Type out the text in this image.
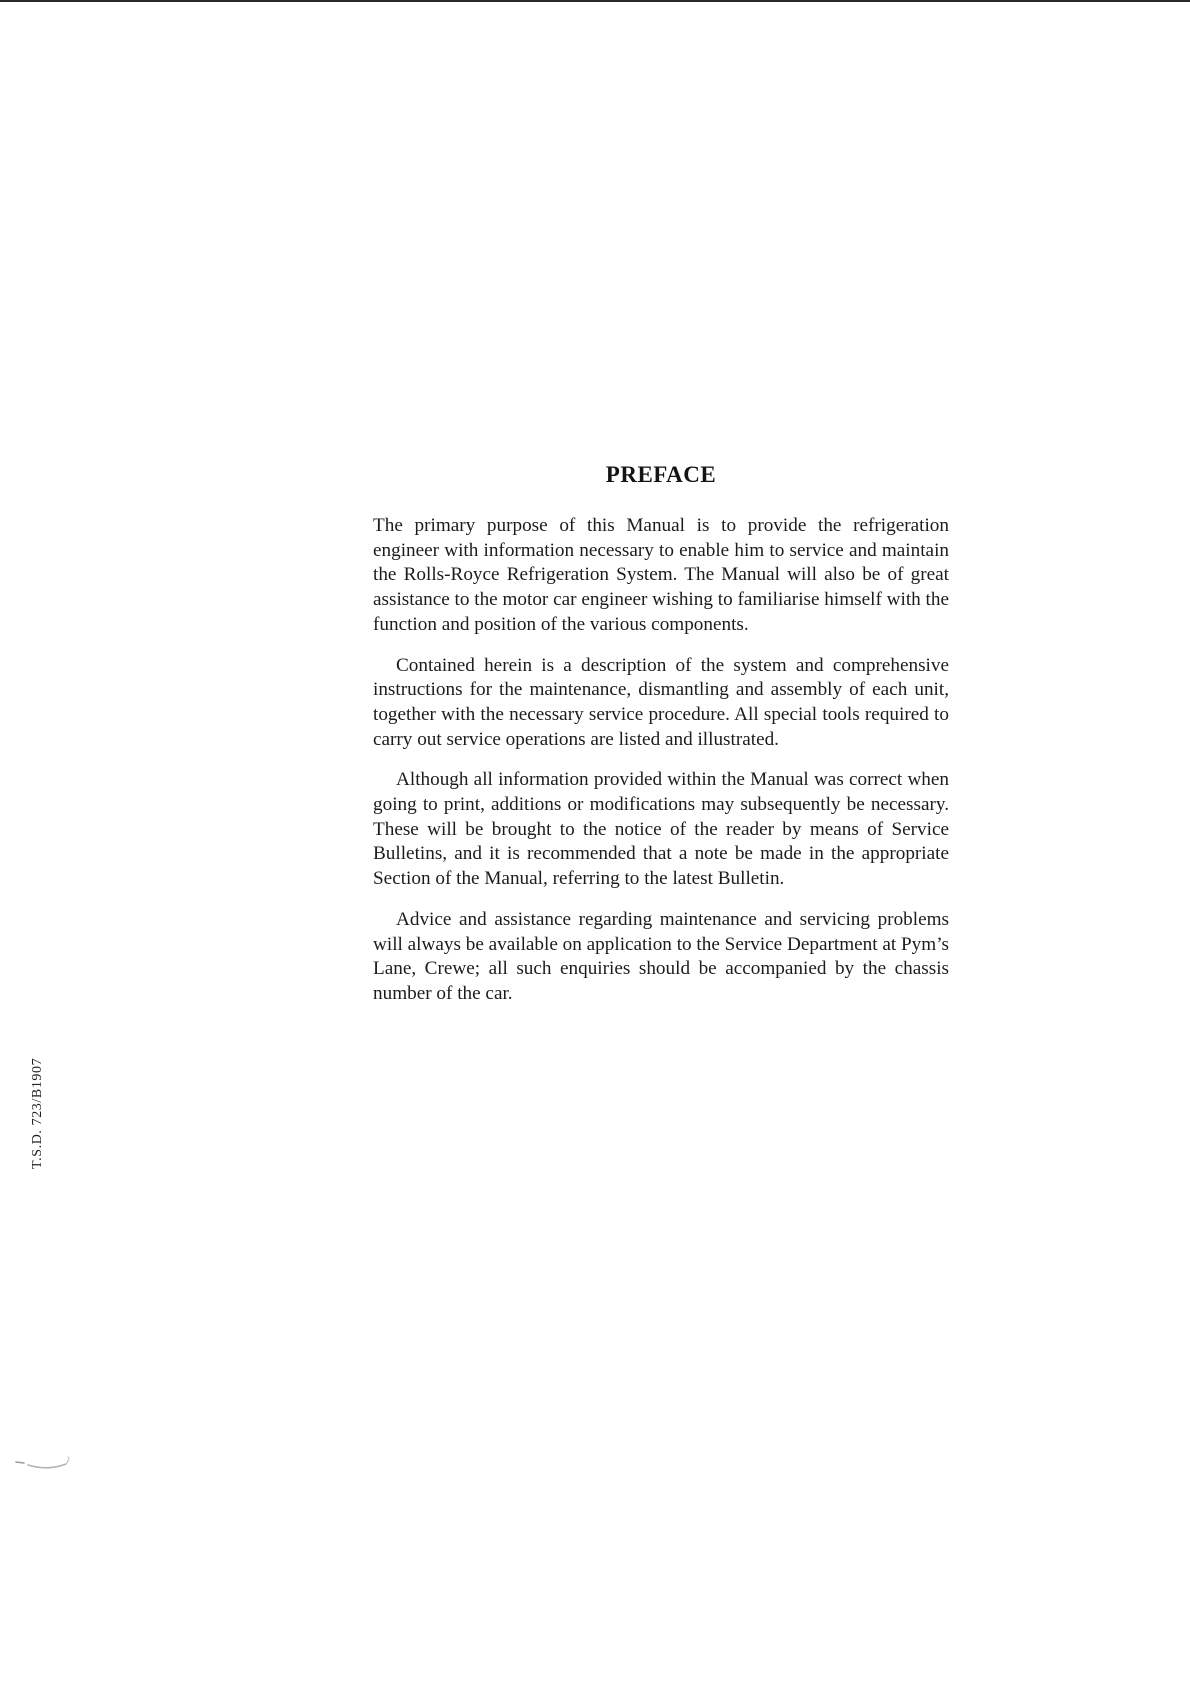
PREFACE

The primary purpose of this Manual is to provide the refrigeration engineer with information necessary to enable him to service and maintain the Rolls-Royce Refrigeration System. The Manual will also be of great assistance to the motor car engineer wishing to familiarise himself with the function and position of the various components.

Contained herein is a description of the system and comprehensive instructions for the maintenance, dismantling and assembly of each unit, together with the necessary service procedure. All special tools required to carry out service operations are listed and illustrated.

Although all information provided within the Manual was correct when going to print, additions or modifications may subsequently be necessary. These will be brought to the notice of the reader by means of Service Bulletins, and it is recommended that a note be made in the appropriate Section of the Manual, referring to the latest Bulletin.

Advice and assistance regarding maintenance and servicing problems will always be available on application to the Service Department at Pym’s Lane, Crewe; all such enquiries should be accompanied by the chassis number of the car.

T.S.D. 723/B1907
